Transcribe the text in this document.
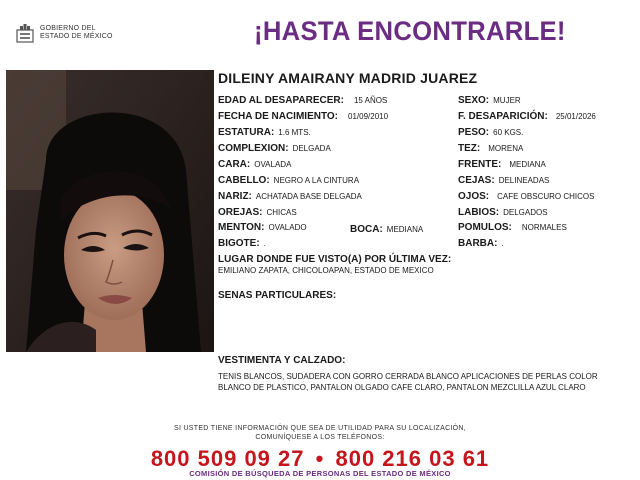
GOBIERNO DEL
ESTADO DE MÉXICO	¡HASTA ENCONTRARLE!
DILEINY AMAIRANY MADRID JUAREZ
EDAD AL DESAPARECER: 15 AÑOS
FECHA DE NACIMIENTO: 01/09/2010
ESTATURA: 1.6 MTS.
COMPLEXION: DELGADA
CARA: OVALADA
CABELLO: NEGRO A LA CINTURA
NARIZ: ACHATADA BASE DELGADA
OREJAS: CHICAS
MENTON: OVALADO	BOCA: MEDIANA
BIGOTE: .
SEXO: MUJER
F. DESAPARICIÓN: 25/01/2026
PESO: 60 KGS.
TEZ: MORENA
FRENTE: MEDIANA
CEJAS: DELINEADAS
OJOS: CAFE OBSCURO CHICOS
LABIOS: DELGADOS
POMULOS: NORMALES
BARBA: .
LUGAR DONDE FUE VISTO(A) POR ÚLTIMA VEZ:
EMILIANO ZAPATA, CHICOLOAPAN, ESTADO DE MEXICO
SENAS PARTICULARES:
VESTIMENTA Y CALZADO:
TENIS BLANCOS, SUDADERA CON GORRO CERRADA BLANCO APLICACIONES DE PERLAS COLOR BLANCO DE PLASTICO, PANTALON OLGADO CAFE CLARO, PANTALON MEZCLILLA AZUL CLARO
SI USTED TIENE INFORMACIÓN QUE SEA DE UTILIDAD PARA SU LOCALIZACIÓN,
COMUNÍQUESE A LOS TELÉFONOS:
800 509 09 27 • 800 216 03 61
COMISIÓN DE BÚSQUEDA DE PERSONAS DEL ESTADO DE MÉXICO
